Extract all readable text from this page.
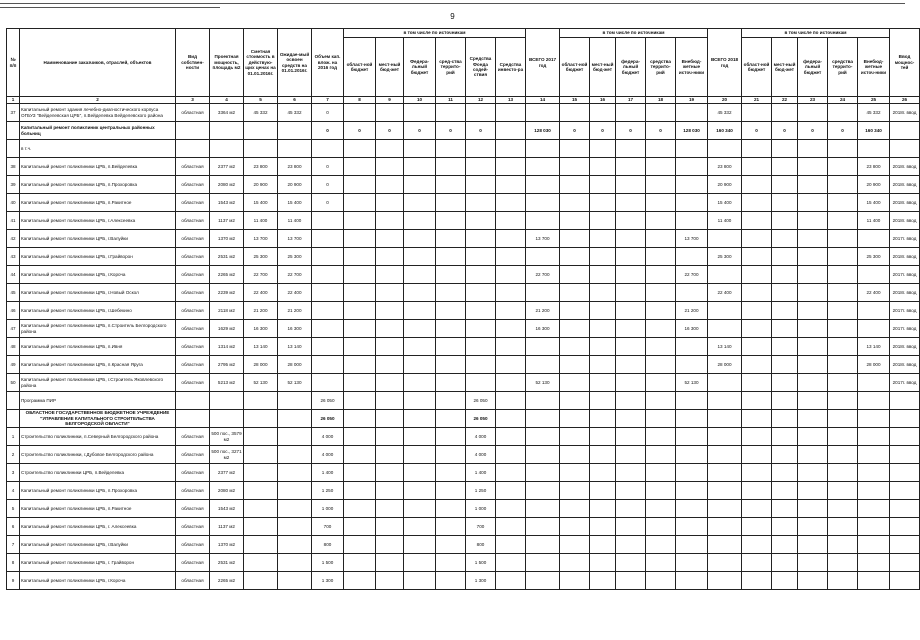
9
№ п/п	Наименование заказчиков, отраслей, объектов	Вид собствен-ности	Проектная мощность, площадь м2	Сметная стоимость в действую-щих ценах на 01.01.2016г.	Ожидае-мый освоен средств на 01.01.2016г.	Объем кап. влож. на 2016 год	в том числе по источникам						ВСЕГО 2017 год	в том числе по источникам					ВСЕГО 2018 год	в том числе по источникам					Ввод мощнос-тей
							област-ной бюджет	мест-ный бюд-жет	Федера-льный бюджет	сред-ства террито-рий	Средства Фонда содей-ствия	Средства инвесто-ра		област-ной бюджет	мест-ный бюд-жет	федера-льный бюджет	средства террито-рий	Внебюд-жетные источ-ники		област-ной бюджет	мест-ный бюд-жет	федера-льный бюджет	средства террито-рий	Внебюд-жетные источ-ники	
1	2	3	4	5	6	7	8	9	10	11	12	13	14	15	16	17	18	19	20	21	22	23	24	25	26
37	Капитальный ремонт здания лечебно-диагностического корпуса ОГБУЗ "Вейделевская ЦРБ", п.Вейделевка Вейделевского района	областная	3364 м2	45 332	45 332	0													45 332					45 332	2018г. ввод
	Капитальный ремонт поликлиник центральных районных больниц					0	0	0	0	0	0		128 030	0	0	0	0	128 030	160 340	0	0	0	0	160 340	
	в т.ч.																								
38	Капитальный ремонт поликлиники ЦРБ, п.Вейделевка	областная	2377 м2	23 800	23 800	0													23 800					23 800	2018г. ввод
39	Капитальный ремонт поликлиники ЦРБ, п.Прохоровка	областная	2080 м2	20 900	20 900	0													20 900					20 900	2018г. ввод
40	Капитальный ремонт поликлиники ЦРБ, п.Ракитное	областная	1543 м2	15 400	15 400	0													15 400					15 400	2018г. ввод
41	Капитальный ремонт поликлиники ЦРБ, г.Алексеевка	областная	1137 м2	11 400	11 400														11 400					11 400	2018г. ввод
42	Капитальный ремонт поликлиники ЦРБ, г.Валуйки	областная	1370 м2	13 700	13 700								13 700					13 700							2017г. ввод
43	Капитальный ремонт поликлиники ЦРБ, г.Грайворон	областная	2531 м2	25 300	25 300														25 300					25 300	2018г. ввод
44	Капитальный ремонт поликлиники ЦРБ, г.Короча	областная	2265 м2	22 700	22 700								22 700					22 700							2017г. ввод
45	Капитальный ремонт поликлиники ЦРБ, г.Новый Оскол	областная	2239 м2	22 400	22 400														22 400					22 400	2018г. ввод
46	Капитальный ремонт поликлиники ЦРБ, г.Шебекино	областная	2118 м2	21 200	21 200								21 200					21 200							2017г. ввод
47	Капитальный ремонт поликлиники ЦРБ, п.Строитель Белгородского района	областная	1629 м2	16 300	16 300								16 300					16 300							2017г. ввод
48	Капитальный ремонт поликлиники ЦРБ, п.Ивня	областная	1314 м2	13 140	13 140														13 140					13 140	2018г. ввод
49	Капитальный ремонт поликлиники ЦРБ, п.Красная Яруга	областная	2795 м2	28 000	28 000														28 000					28 000	2018г. ввод
50	Капитальный ремонт поликлиники ЦРБ, г.Строитель Яковлевского района	областная	5213 м2	52 130	52 130								52 130					52 130							2017г. ввод
	Программа ПИР					26 050					26 050														
	ОБЛАСТНОЕ ГОСУДАРСТВЕННОЕ БЮДЖЕТНОЕ УЧРЕЖДЕНИЕ "УПРАВЛЕНИЕ КАПИТАЛЬНОГО СТРОИТЕЛЬСТВА БЕЛГОРОДСКОЙ ОБЛАСТИ"					26 050					26 050														
1	Строительство поликлиники, п.Северный Белгородского района	областная	500 пос., 3579 м2			4 000					4 000														
2	Строительство поликлиники, г.Дубовое Белгородского района	областная	500 пос., 3271 м2			4 000					4 000														
3	Строительство поликлиники ЦРБ, п.Вейделевка	областная	2377 м2			1 400					1 400														
4	Капитальный ремонт поликлиники ЦРБ, п.Прохоровка	областная	2080 м2			1 250					1 250														
5	Капитальный ремонт поликлиники ЦРБ, п.Ракитное	областная	1543 м2			1 000					1 000														
6	Капитальный ремонт поликлиники ЦРБ, г. Алексеевка	областная	1137 м2			700					700														
7	Капитальный ремонт поликлиники ЦРБ, г.Валуйки	областная	1370 м2			800					800														
8	Капитальный ремонт поликлиники ЦРБ, г. Грайворон	областная	2531 м2			1 500					1 500														
9	Капитальный ремонт поликлиники ЦРБ, г.Короча	областная	2265 м2			1 300					1 300														
